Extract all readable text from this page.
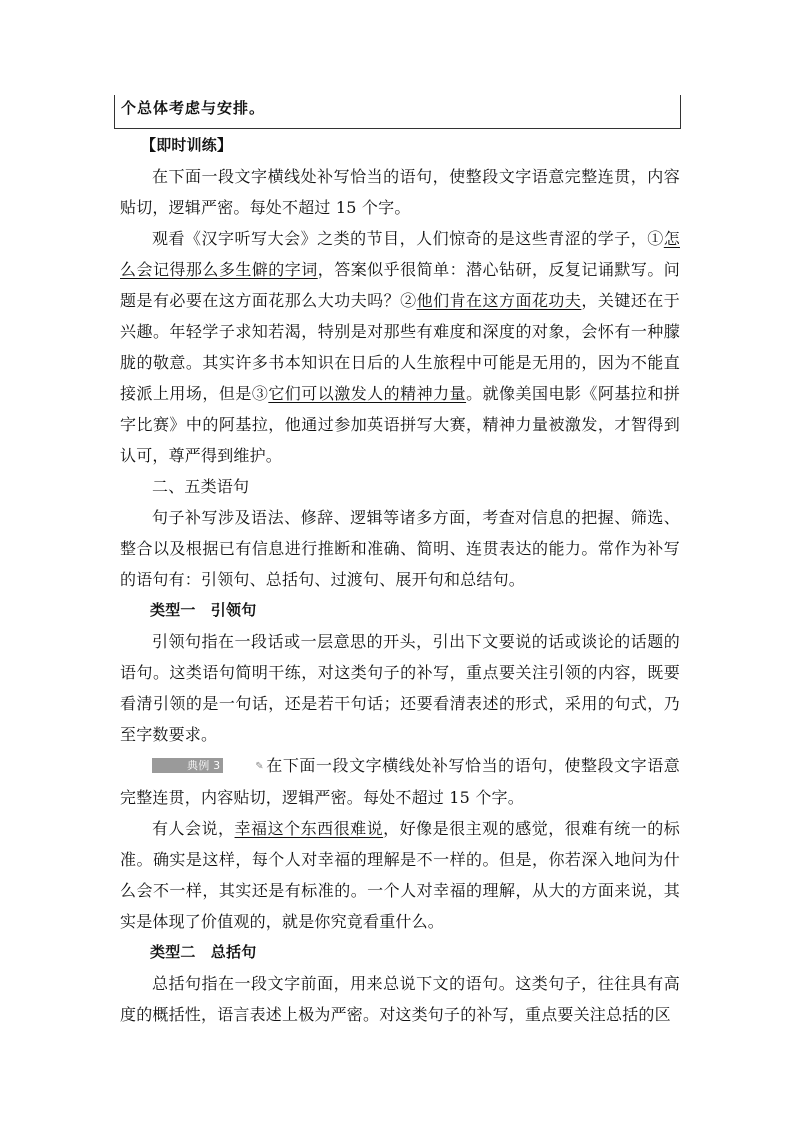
个总体考虑与安排。

【即时训练】

在下面一段文字横线处补写恰当的语句，使整段文字语意完整连贯，内容贴切，逻辑严密。每处不超过 15 个字。

观看《汉字听写大会》之类的节目，人们惊奇的是这些青涩的学子，①怎么会记得那么多生僻的字词，答案似乎很简单：潜心钻研，反复记诵默写。问题是有必要在这方面花那么大功夫吗？②他们肯在这方面花功夫，关键还在于兴趣。年轻学子求知若渴，特别是对那些有难度和深度的对象，会怀有一种朦胧的敬意。其实许多书本知识在日后的人生旅程中可能是无用的，因为不能直接派上用场，但是③它们可以激发人的精神力量。就像美国电影《阿基拉和拼字比赛》中的阿基拉，他通过参加英语拼写大赛，精神力量被激发，才智得到认可，尊严得到维护。

二、五类语句

句子补写涉及语法、修辞、逻辑等诸多方面，考查对信息的把握、筛选、整合以及根据已有信息进行推断和准确、简明、连贯表达的能力。常作为补写的语句有：引领句、总括句、过渡句、展开句和总结句。

类型一　引领句

引领句指在一段话或一层意思的开头，引出下文要说的话或谈论的话题的语句。这类语句简明干练，对这类句子的补写，重点要关注引领的内容，既要看清引领的是一句话，还是若干句话；还要看清表述的形式，采用的句式，乃至字数要求。

典例 3	✎ 在下面一段文字横线处补写恰当的语句，使整段文字语意完整连贯，内容贴切，逻辑严密。每处不超过 15 个字。

有人会说，幸福这个东西很难说，好像是很主观的感觉，很难有统一的标准。确实是这样，每个人对幸福的理解是不一样的。但是，你若深入地问为什么会不一样，其实还是有标准的。一个人对幸福的理解，从大的方面来说，其实是体现了价值观的，就是你究竟看重什么。

类型二　总括句

总括句指在一段文字前面，用来总说下文的语句。这类句子，往往具有高度的概括性，语言表述上极为严密。对这类句子的补写，重点要关注总括的区
